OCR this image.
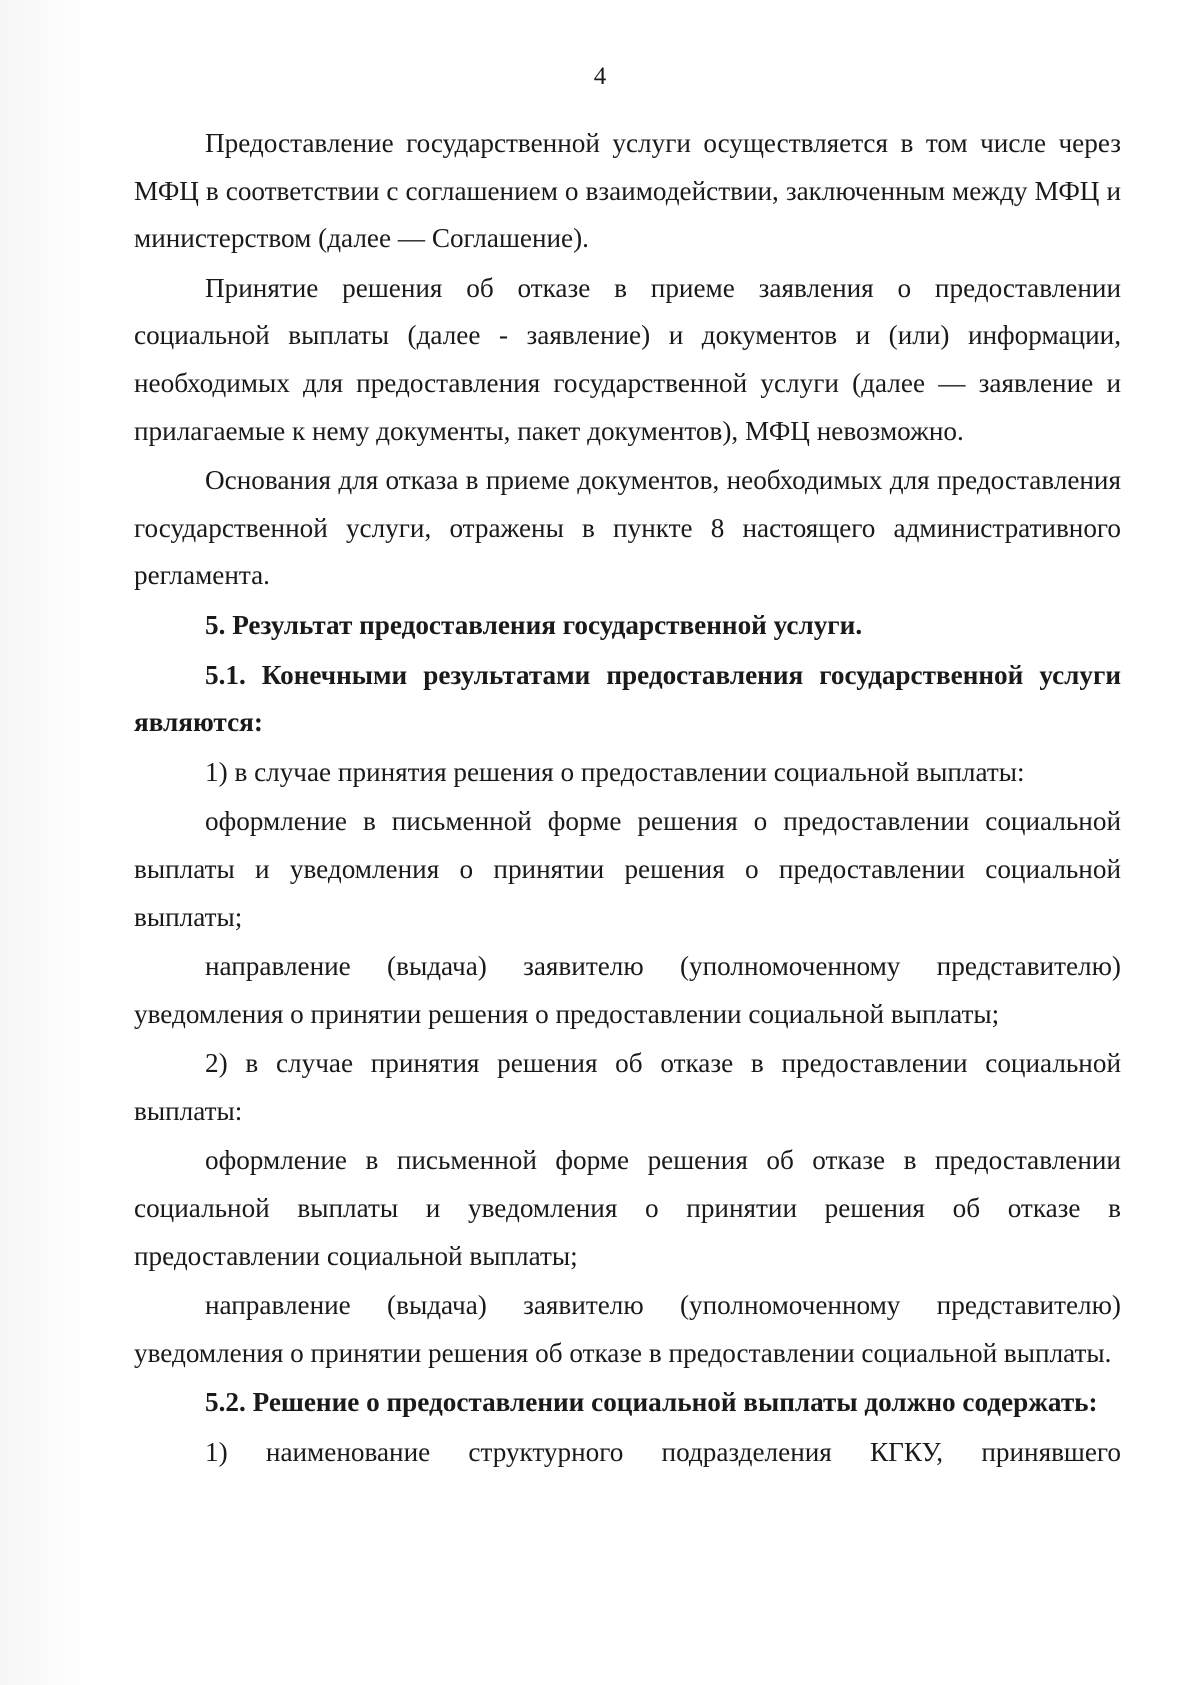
4

Предоставление государственной услуги осуществляется в том числе через МФЦ в соответствии с соглашением о взаимодействии, заключенным между МФЦ и министерством (далее — Соглашение).

Принятие решения об отказе в приеме заявления о предоставлении социальной выплаты (далее - заявление) и документов и (или) информации, необходимых для предоставления государственной услуги (далее — заявление и прилагаемые к нему документы, пакет документов), МФЦ невозможно.

Основания для отказа в приеме документов, необходимых для предоставления государственной услуги, отражены в пункте 8 настоящего административного регламента.

5. Результат предоставления государственной услуги.

5.1. Конечными результатами предоставления государственной услуги являются:

1) в случае принятия решения о предоставлении социальной выплаты:

оформление в письменной форме решения о предоставлении социальной выплаты и уведомления о принятии решения о предоставлении социальной выплаты;

направление (выдача) заявителю (уполномоченному представителю) уведомления о принятии решения о предоставлении социальной выплаты;

2) в случае принятия решения об отказе в предоставлении социальной выплаты:

оформление в письменной форме решения об отказе в предоставлении социальной выплаты и уведомления о принятии решения об отказе в предоставлении социальной выплаты;

направление (выдача) заявителю (уполномоченному представителю) уведомления о принятии решения об отказе в предоставлении социальной выплаты.

5.2. Решение о предоставлении социальной выплаты должно содержать:

1) наименование структурного подразделения КГКУ, принявшего
